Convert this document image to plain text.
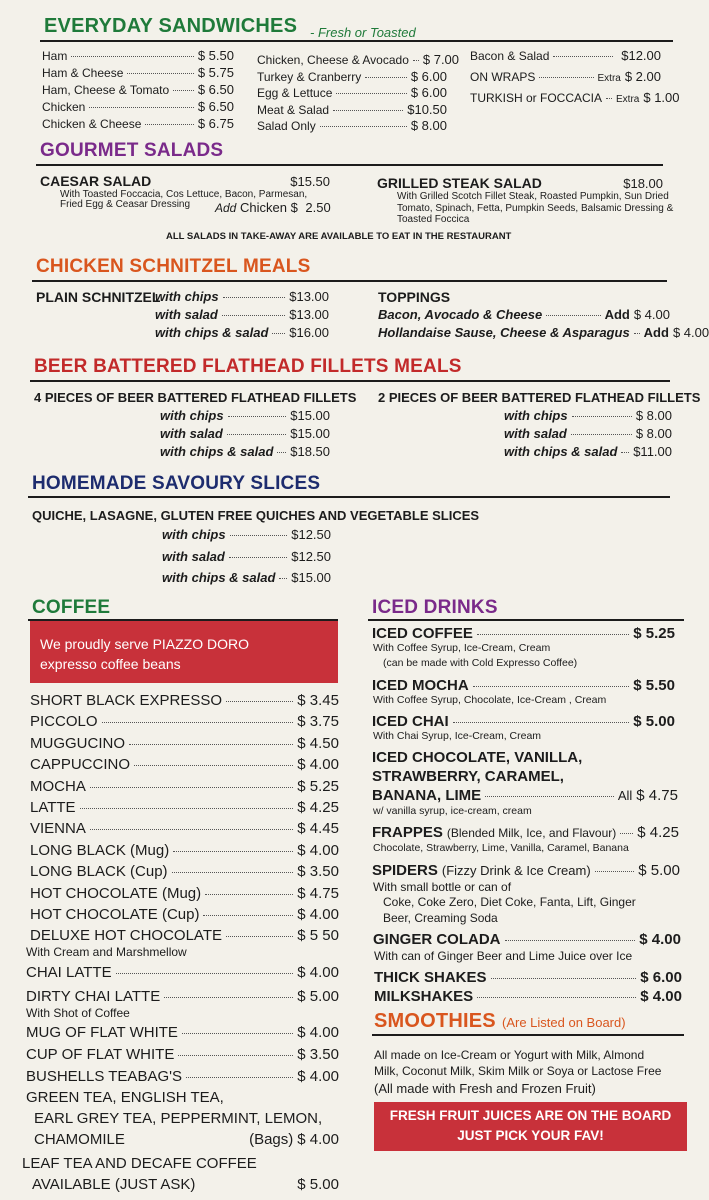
EVERYDAY SANDWICHES - Fresh or Toasted
Ham	$ 5.50
Ham & Cheese	$ 5.75
Ham, Cheese & Tomato $ 6.50
Chicken	$ 6.50
Chicken & Cheese	$ 6.75
Chicken, Cheese & Avocado $ 7.00
Turkey & Cranberry	$ 6.00
Egg & Lettuce	$ 6.00
Meat & Salad	$10.50
Salad Only	$ 8.00
Bacon & Salad	$12.00
ON WRAPS	Extra $ 2.00
TURKISH or FOCCACIA Extra $ 1.00
GOURMET SALADS
CAESAR SALAD	$15.50
With Toasted Foccacia, Cos Lettuce, Bacon, Parmesan,
Fried Egg & Ceasar Dressing Add Chicken $ 2.50
GRILLED STEAK SALAD	$18.00
With Grilled Scotch Fillet Steak, Roasted Pumpkin, Sun Dried
Tomato, Spinach, Fetta, Pumpkin Seeds, Balsamic Dressing &
Toasted Foccica
ALL SALADS IN TAKE-AWAY ARE AVAILABLE TO EAT IN THE RESTAURANT
CHICKEN SCHNITZEL MEALS
PLAIN SCHNITZEL
with chips	$13.00
with salad	$13.00
with chips & salad $16.00
TOPPINGS
Bacon, Avocado & Cheese	Add $ 4.00
Hollandaise Sause, Cheese & Asparagus Add $ 4.00
BEER BATTERED FLATHEAD FILLETS MEALS
4 PIECES OF BEER BATTERED FLATHEAD FILLETS
with chips	$15.00
with salad	$15.00
with chips & salad $18.50
2 PIECES OF BEER BATTERED FLATHEAD FILLETS
with chips	$ 8.00
with salad	$ 8.00
with chips & salad $11.00
HOMEMADE SAVOURY SLICES
QUICHE, LASAGNE, GLUTEN FREE QUICHES AND VEGETABLE SLICES
with chips	$12.50
with salad	$12.50
with chips & salad $15.00
COFFEE
We proudly serve PIAZZO DORO
expresso coffee beans
SHORT BLACK EXPRESSO	$ 3.45
PICCOLO	$ 3.75
MUGGUCINO	$ 4.50
CAPPUCCINO	$ 4.00
MOCHA	$ 5.25
LATTE	$ 4.25
VIENNA	$ 4.45
LONG BLACK (Mug)	$ 4.00
LONG BLACK (Cup)	$ 3.50
HOT CHOCOLATE (Mug)	$ 4.75
HOT CHOCOLATE (Cup)	$ 4.00
DELUXE HOT CHOCOLATE	$ 5 50
With Cream and Marshmellow
CHAI LATTE	$ 4.00
DIRTY CHAI LATTE	$ 5.00
With Shot of Coffee
MUG OF FLAT WHITE	$ 4.00
CUP OF FLAT WHITE	$ 3.50
BUSHELLS TEABAG'S	$ 4.00
GREEN TEA, ENGLISH TEA,
EARL GREY TEA, PEPPERMINT, LEMON,
CHAMOMILE	(Bags) $ 4.00
LEAF TEA AND DECAFE COFFEE
AVAILABLE (JUST ASK)	$ 5.00
ICED DRINKS
ICED COFFEE	$ 5.25
With Coffee Syrup, Ice-Cream, Cream
(can be made with Cold Expresso Coffee)
ICED MOCHA	$ 5.50
With Coffee Syrup, Chocolate, Ice-Cream , Cream
ICED CHAI	$ 5.00
With Chai Syrup, Ice-Cream, Cream
ICED CHOCOLATE, VANILLA,
STRAWBERRY, CARAMEL,
BANANA, LIME	All $ 4.75
w/ vanilla syrup, ice-cream, cream
FRAPPES (Blended Milk, Ice, and Flavour) $ 4.25
Chocolate, Strawberry, Lime, Vanilla, Caramel, Banana
SPIDERS (Fizzy Drink & Ice Cream)	$ 5.00
With small bottle or can of
Coke, Coke Zero, Diet Coke, Fanta, Lift, Ginger
Beer, Creaming Soda
GINGER COLADA	$ 4.00
With can of Ginger Beer and Lime Juice over Ice
THICK SHAKES	$ 6.00
MILKSHAKES	$ 4.00
SMOOTHIES (Are Listed on Board)
All made on Ice-Cream or Yogurt with Milk, Almond
Milk, Coconut Milk, Skim Milk or Soya or Lactose Free
(All made with Fresh and Frozen Fruit)
FRESH FRUIT JUICES ARE ON THE BOARD
JUST PICK YOUR FAV!
